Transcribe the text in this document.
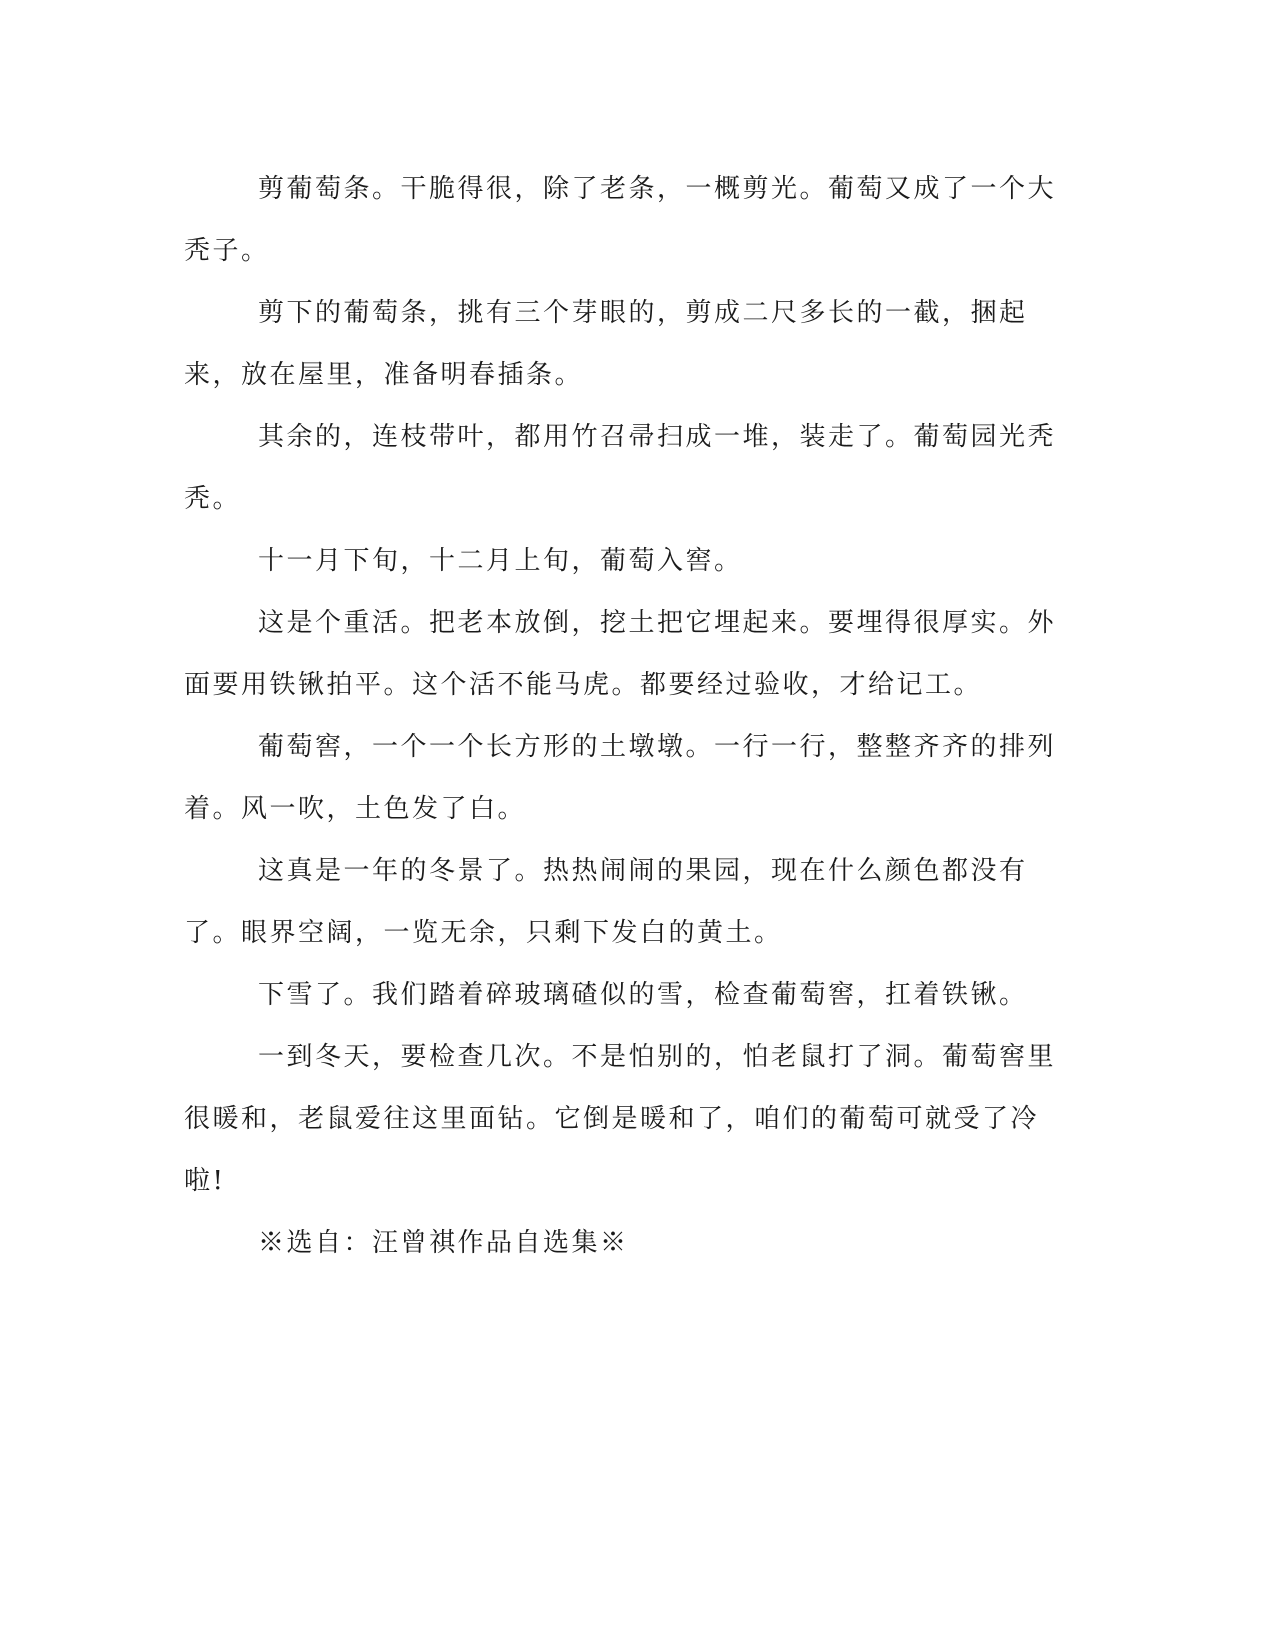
剪葡萄条。干脆得很，除了老条，一概剪光。葡萄又成了一个大秃子。

剪下的葡萄条，挑有三个芽眼的，剪成二尺多长的一截，捆起来，放在屋里，准备明春插条。

其余的，连枝带叶，都用竹召帚扫成一堆，装走了。葡萄园光秃秃。

十一月下旬，十二月上旬，葡萄入窖。

这是个重活。把老本放倒，挖土把它埋起来。要埋得很厚实。外面要用铁锹拍平。这个活不能马虎。都要经过验收，才给记工。

葡萄窖，一个一个长方形的土墩墩。一行一行，整整齐齐的排列着。风一吹，土色发了白。

这真是一年的冬景了。热热闹闹的果园，现在什么颜色都没有了。眼界空阔，一览无余，只剩下发白的黄土。

下雪了。我们踏着碎玻璃碴似的雪，检查葡萄窖，扛着铁锹。

一到冬天，要检查几次。不是怕别的，怕老鼠打了洞。葡萄窖里很暖和，老鼠爱往这里面钻。它倒是暖和了，咱们的葡萄可就受了冷啦!

※选自：汪曾祺作品自选集※
